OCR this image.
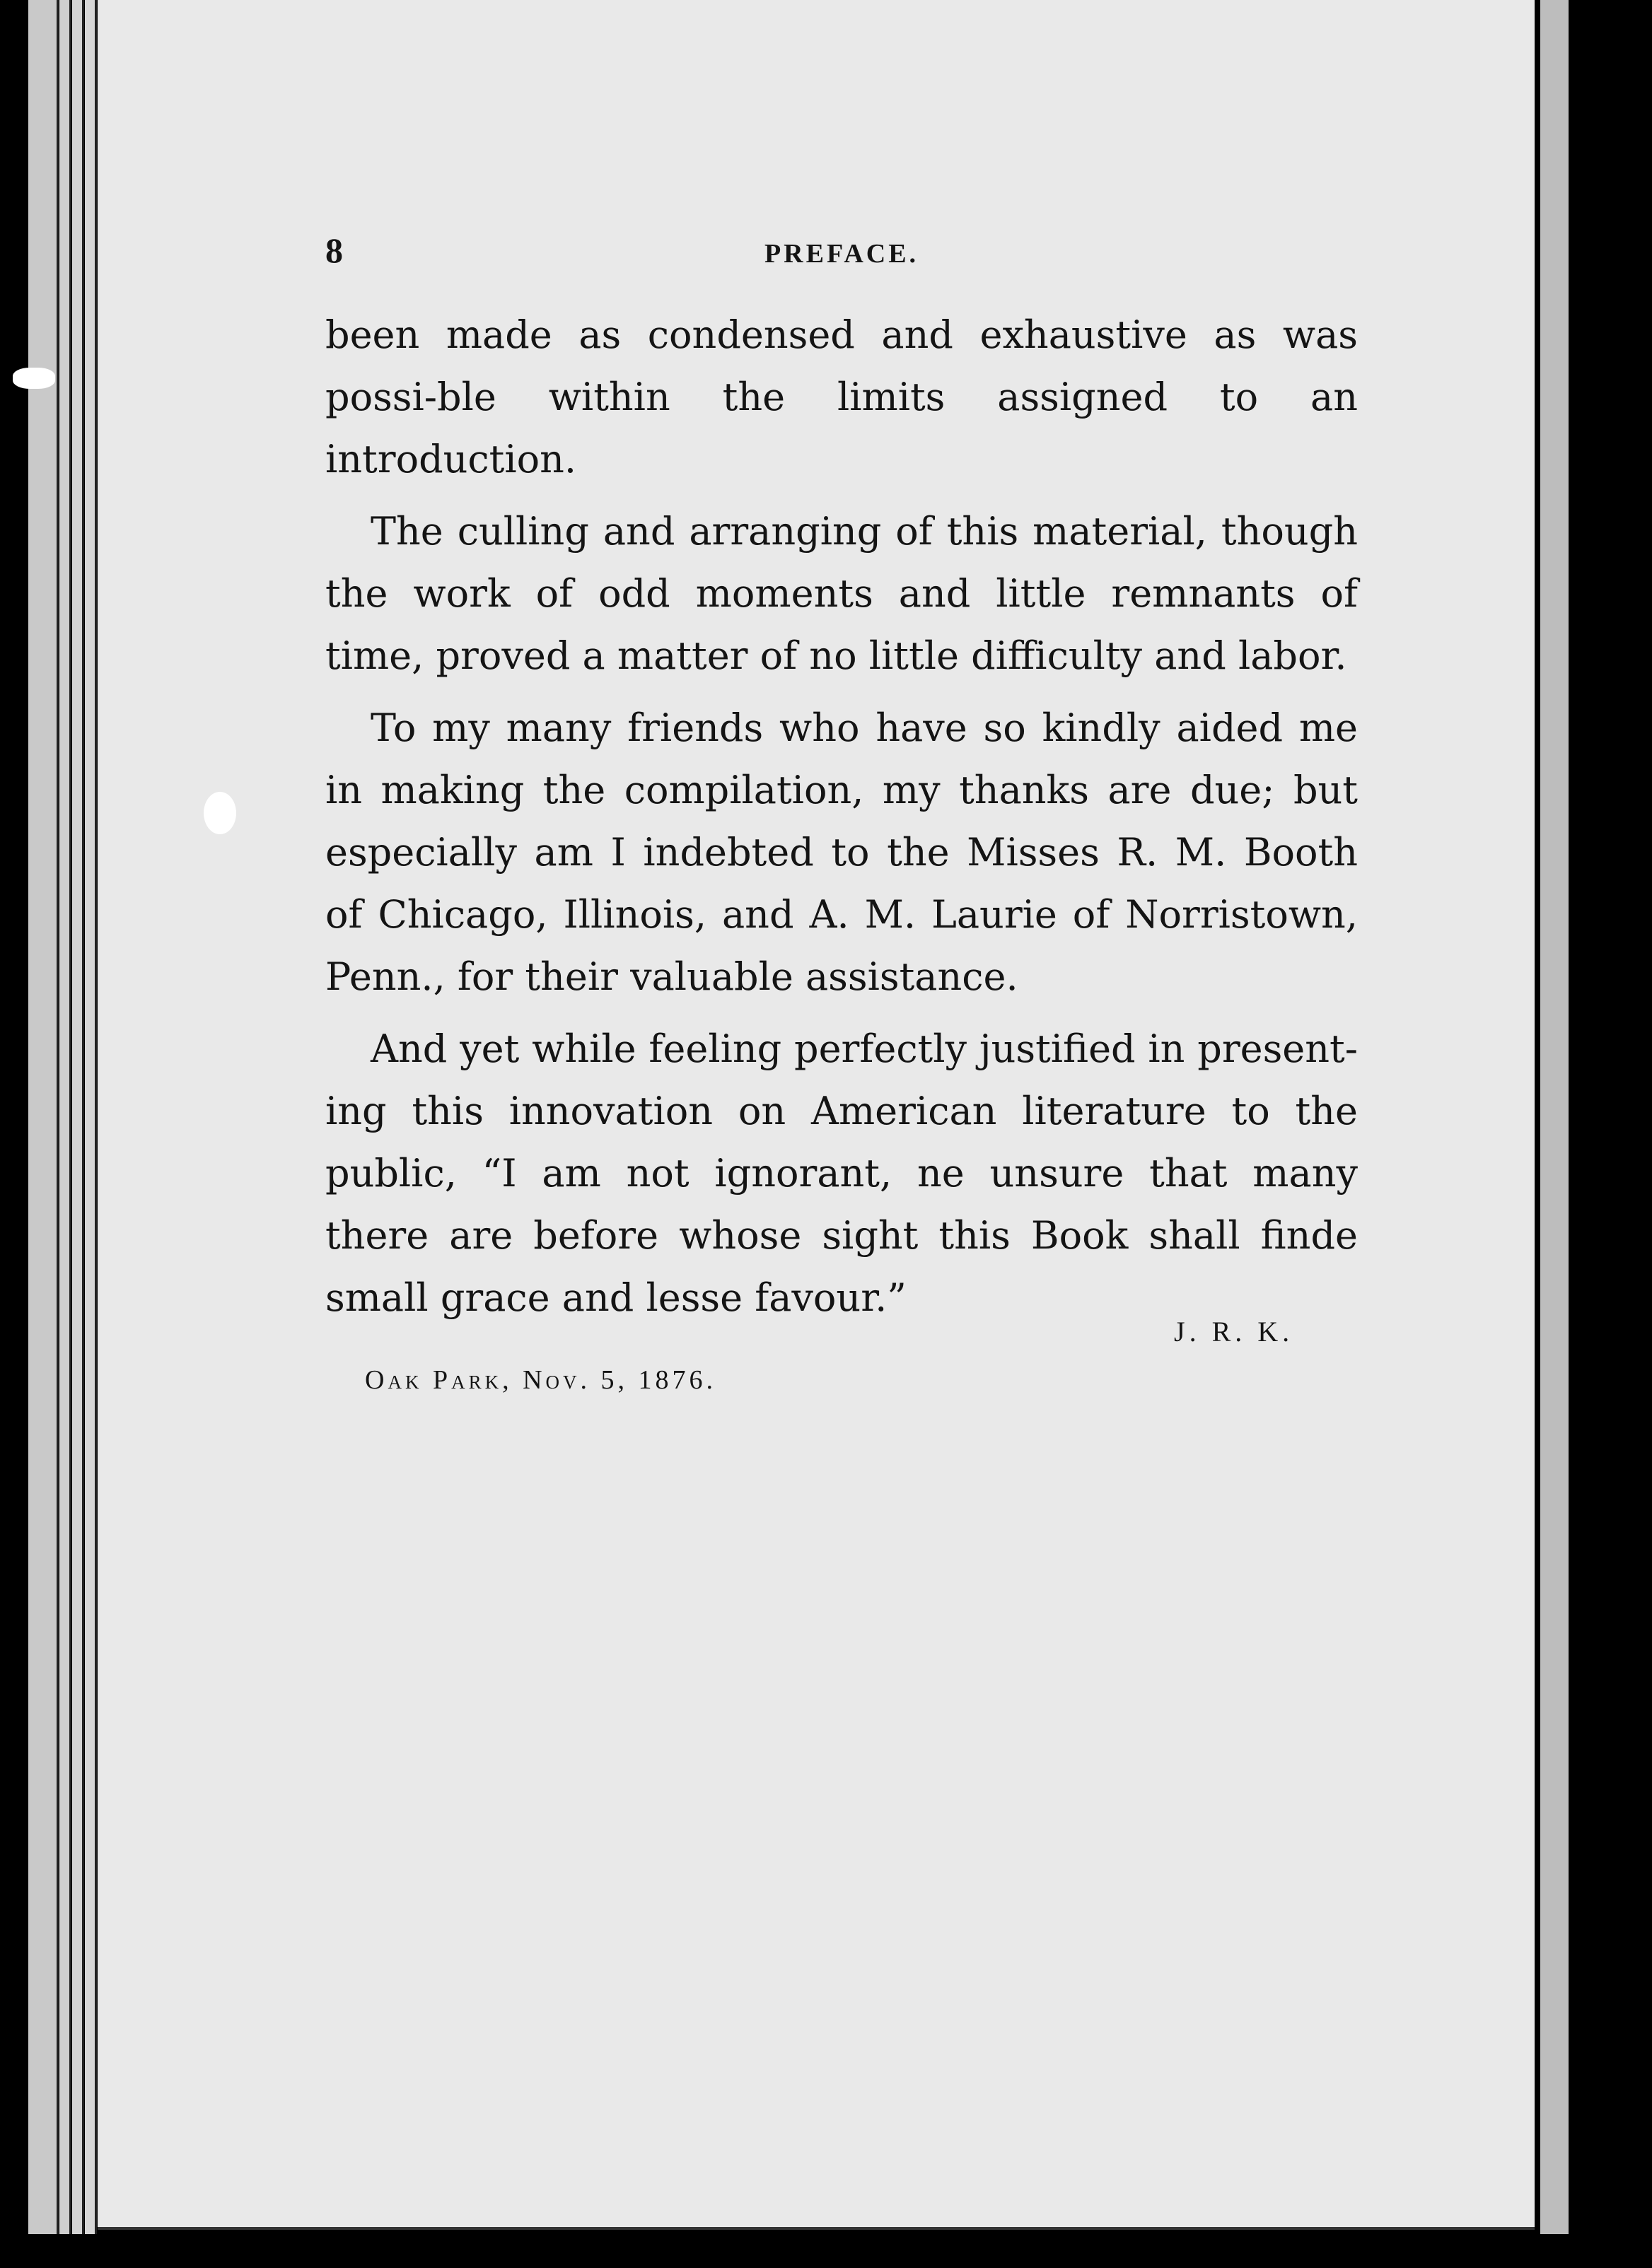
8	PREFACE.

been made as condensed and exhaustive as was possi-ble within the limits assigned to an introduction.

The culling and arranging of this material, though the work of odd moments and little remnants of time, proved a matter of no little difficulty and labor.

To my many friends who have so kindly aided me in making the compilation, my thanks are due; but especially am I indebted to the Misses R. M. Booth of Chicago, Illinois, and A. M. Laurie of Norristown, Penn., for their valuable assistance.

And yet while feeling perfectly justified in present-ing this innovation on American literature to the public, “I am not ignorant, ne unsure that many there are before whose sight this Book shall finde small grace and lesse favour.”

J. R. K.
Oak Park, Nov. 5, 1876.
